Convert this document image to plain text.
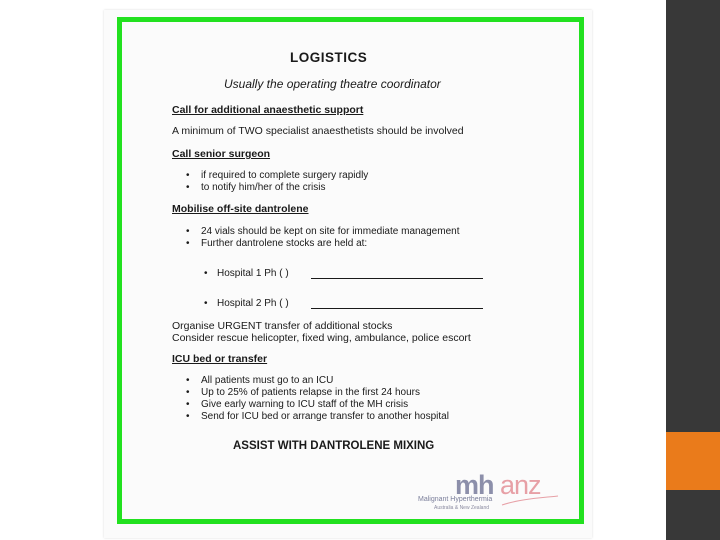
LOGISTICS
Usually the operating theatre coordinator
Call for additional anaesthetic support
A minimum of TWO specialist anaesthetists should be involved
Call senior surgeon
• if required to complete surgery rapidly
• to notify him/her of the crisis
Mobilise off-site dantrolene
• 24 vials should be kept on site for immediate management
• Further dantrolene stocks are held at:
• Hospital 1 Ph ( )
• Hospital 2 Ph ( )
Organise URGENT transfer of additional stocks
Consider rescue helicopter, fixed wing, ambulance, police escort
ICU bed or transfer
• All patients must go to an ICU
• Up to 25% of patients relapse in the first 24 hours
• Give early warning to ICU staff of the MH crisis
• Send for ICU bed or arrange transfer to another hospital
ASSIST WITH DANTROLENE MIXING
mh anz
Malignant Hyperthermia
Australia & New Zealand
